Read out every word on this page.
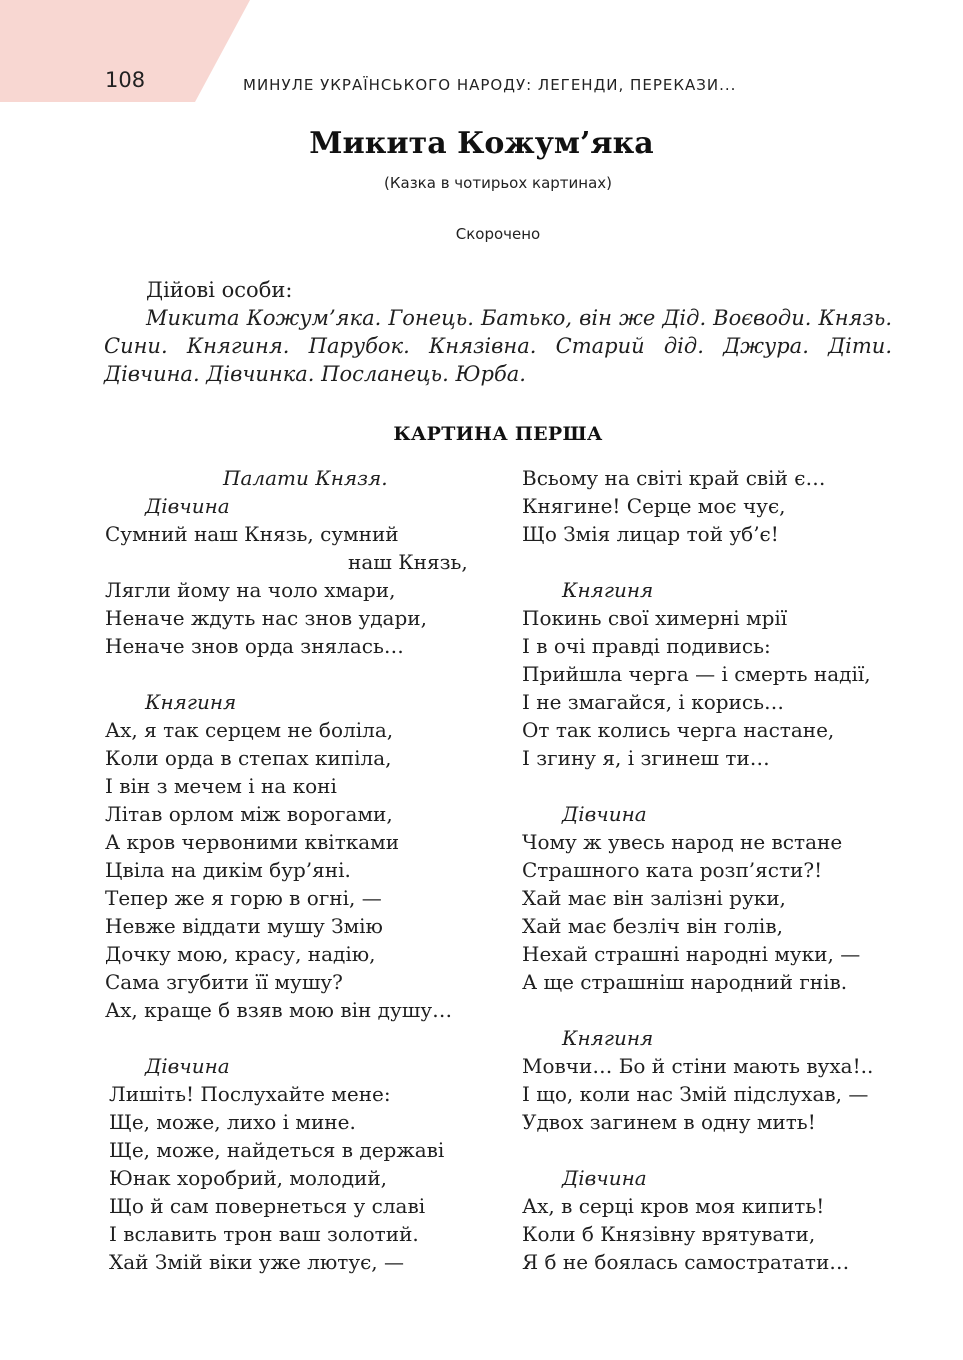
108	МИНУЛЕ УКРАЇНСЬКОГО НАРОДУ: ЛЕГЕНДИ, ПЕРЕКАЗИ...
Микита Кожум’яка
(Казка в чотирьох картинах)
Скорочено
Дійові особи:
Микита Кожум’яка. Гонець. Батько, він же Дід. Воєводи. Князь. Сини. Княгиня. Парубок. Князівна. Старий дід. Джура. Діти. Дівчина. Дівчинка. Посланець. Юрба.
КАРТИНА ПЕРША
Палати Князя.
Дівчина
Сумний наш Князь, сумний
наш Князь,
Лягли йому на чоло хмари,
Неначе ждуть нас знов удари,
Неначе знов орда знялась…
Княгиня
Ах, я так серцем не боліла,
Коли орда в степах кипіла,
І він з мечем і на коні
Літав орлом між ворогами,
А кров червоними квітками
Цвіла на дикім бур’яні.
Тепер же я горю в огні, —
Невже віддати мушу Змію
Дочку мою, красу, надію,
Сама згубити її мушу?
Ах, краще б взяв мою він душу…
Дівчина
Лишіть! Послухайте мене:
Ще, може, лихо і мине.
Ще, може, найдеться в державі
Юнак хоробрий, молодий,
Що й сам повернеться у славі
І вславить трон ваш золотий.
Хай Змій віки уже лютує, —
Всьому на світі край свій є…
Княгине! Серце моє чує,
Що Змія лицар той уб’є!
Княгиня
Покинь свої химерні мрії
І в очі правді подивись:
Прийшла черга — і смерть надії,
І не змагайся, і корись…
От так колись черга настане,
І згину я, і згинеш ти…
Дівчина
Чому ж увесь народ не встане
Страшного ката розп’ясти?!
Хай має він залізні руки,
Хай має безліч він голів,
Нехай страшні народні муки, —
А ще страшніш народний гнів.
Княгиня
Мовчи… Бо й стіни мають вуха!..
І що, коли нас Змій підслухав, —
Удвох загинем в одну мить!
Дівчина
Ах, в серці кров моя кипить!
Коли б Князівну врятувати,
Я б не боялась самостратати…
